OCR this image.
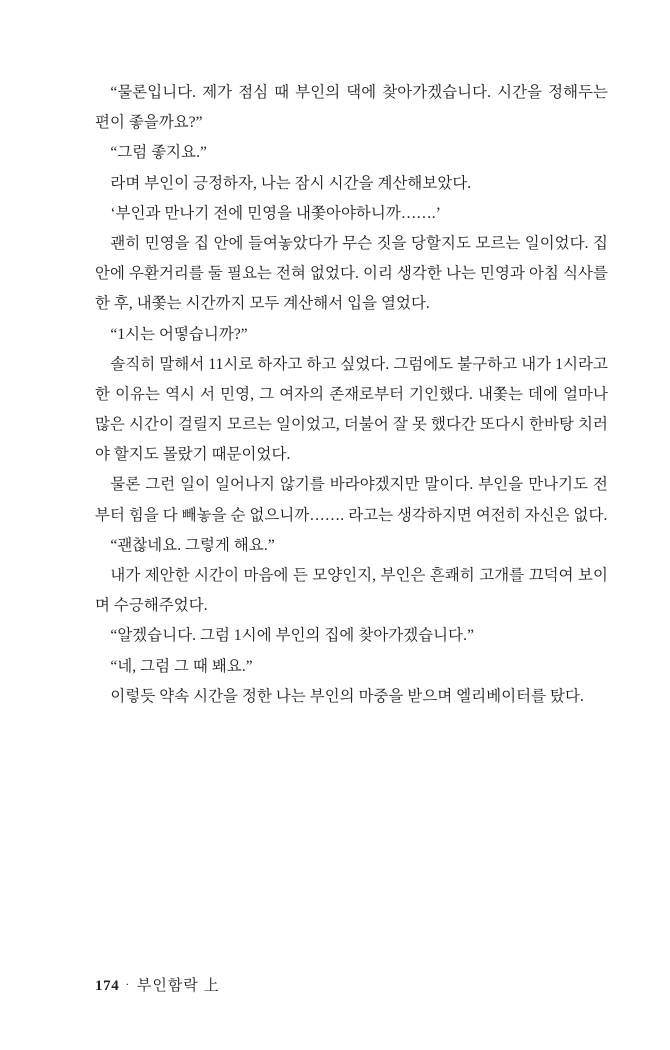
“물론입니다. 제가 점심 때 부인의 댁에 찾아가겠습니다. 시간을 정해두는 편이 좋을까요?”

“그럼 좋지요.”

라며 부인이 긍정하자, 나는 잠시 시간을 계산해보았다.

‘부인과 만나기 전에 민영을 내쫓아야하니까…….’

괜히 민영을 집 안에 들여놓았다가 무슨 짓을 당할지도 모르는 일이었다. 집 안에 우환거리를 둘 필요는 전혀 없었다. 이리 생각한 나는 민영과 아침 식사를 한 후, 내쫓는 시간까지 모두 계산해서 입을 열었다.

“1시는 어떻습니까?”

솔직히 말해서 11시로 하자고 하고 싶었다. 그럼에도 불구하고 내가 1시라고 한 이유는 역시 서 민영, 그 여자의 존재로부터 기인했다. 내쫓는 데에 얼마나 많은 시간이 걸릴지 모르는 일이었고, 더불어 잘 못 했다간 또다시 한바탕 치러야 할지도 몰랐기 때문이었다.

물론 그런 일이 일어나지 않기를 바라야겠지만 말이다. 부인을 만나기도 전부터 힘을 다 빼놓을 순 없으니까……. 라고는 생각하지면 여전히 자신은 없다.

“괜찮네요. 그렇게 해요.”

내가 제안한 시간이 마음에 든 모양인지, 부인은 흔쾌히 고개를 끄덕여 보이며 수긍해주었다.

“알겠습니다. 그럼 1시에 부인의 집에 찾아가겠습니다.”

“네, 그럼 그 때 봬요.”

이렇듯 약속 시간을 정한 나는 부인의 마중을 받으며 엘리베이터를 탔다.

174 · 부인함락 上
